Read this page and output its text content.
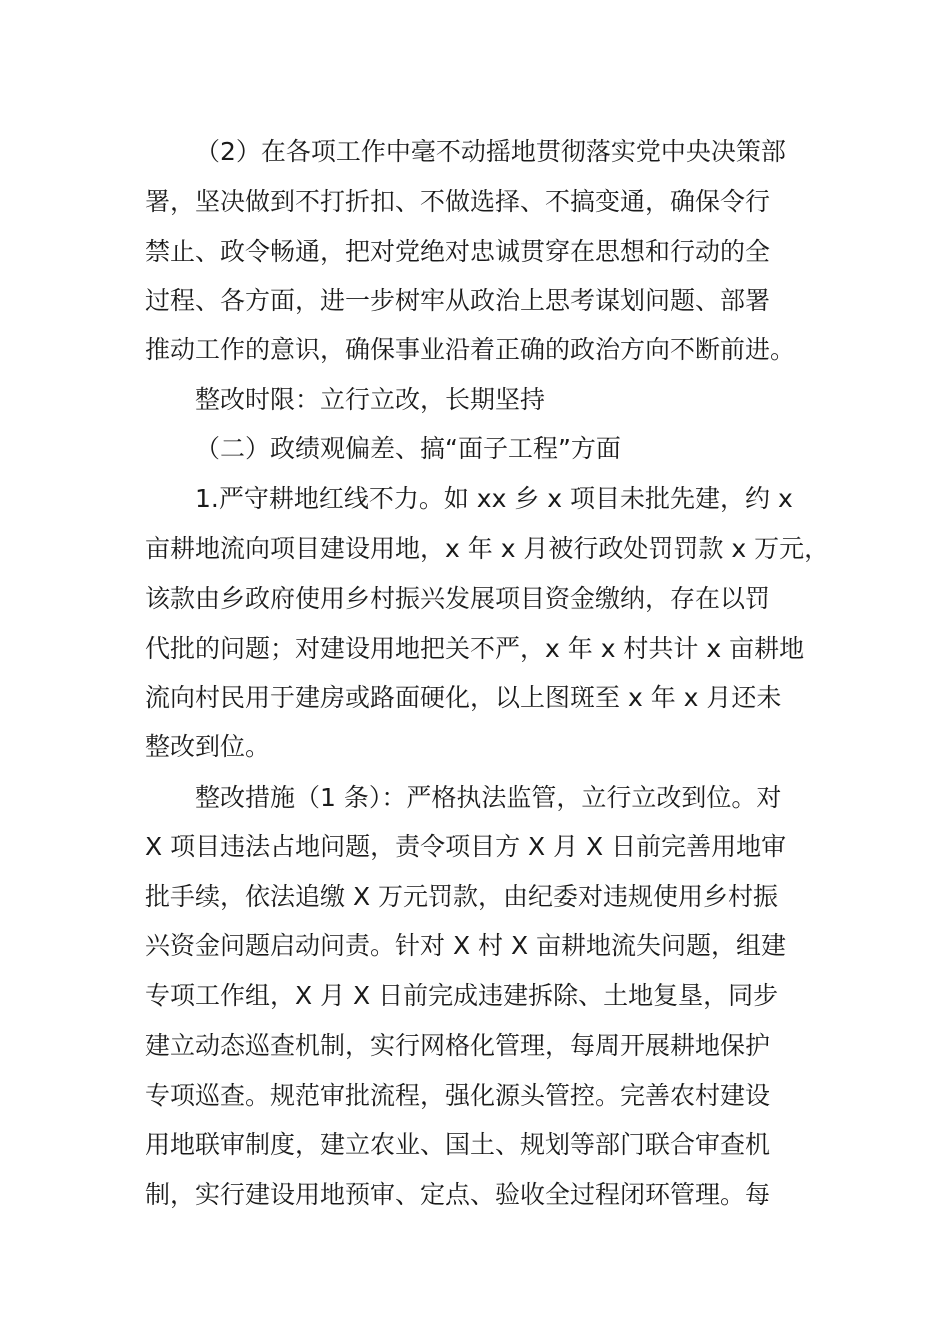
（2）在各项工作中毫不动摇地贯彻落实党中央决策部
署，坚决做到不打折扣、不做选择、不搞变通，确保令行
禁止、政令畅通，把对党绝对忠诚贯穿在思想和行动的全
过程、各方面，进一步树牢从政治上思考谋划问题、部署
推动工作的意识，确保事业沿着正确的政治方向不断前进。
整改时限：立行立改，长期坚持
（二）政绩观偏差、搞“面子工程”方面
1.严守耕地红线不力。如 xx 乡 x 项目未批先建，约 x
亩耕地流向项目建设用地，x 年 x 月被行政处罚罚款 x 万元，
该款由乡政府使用乡村振兴发展项目资金缴纳，存在以罚
代批的问题；对建设用地把关不严，x 年 x 村共计 x 亩耕地
流向村民用于建房或路面硬化，以上图斑至 x 年 x 月还未
整改到位。
整改措施（1 条）：严格执法监管，立行立改到位。对
X 项目违法占地问题，责令项目方 X 月 X 日前完善用地审
批手续，依法追缴 X 万元罚款，由纪委对违规使用乡村振
兴资金问题启动问责。针对 X 村 X 亩耕地流失问题，组建
专项工作组，X 月 X 日前完成违建拆除、土地复垦，同步
建立动态巡查机制，实行网格化管理，每周开展耕地保护
专项巡查。规范审批流程，强化源头管控。完善农村建设
用地联审制度，建立农业、国土、规划等部门联合审查机
制，实行建设用地预审、定点、验收全过程闭环管理。每
